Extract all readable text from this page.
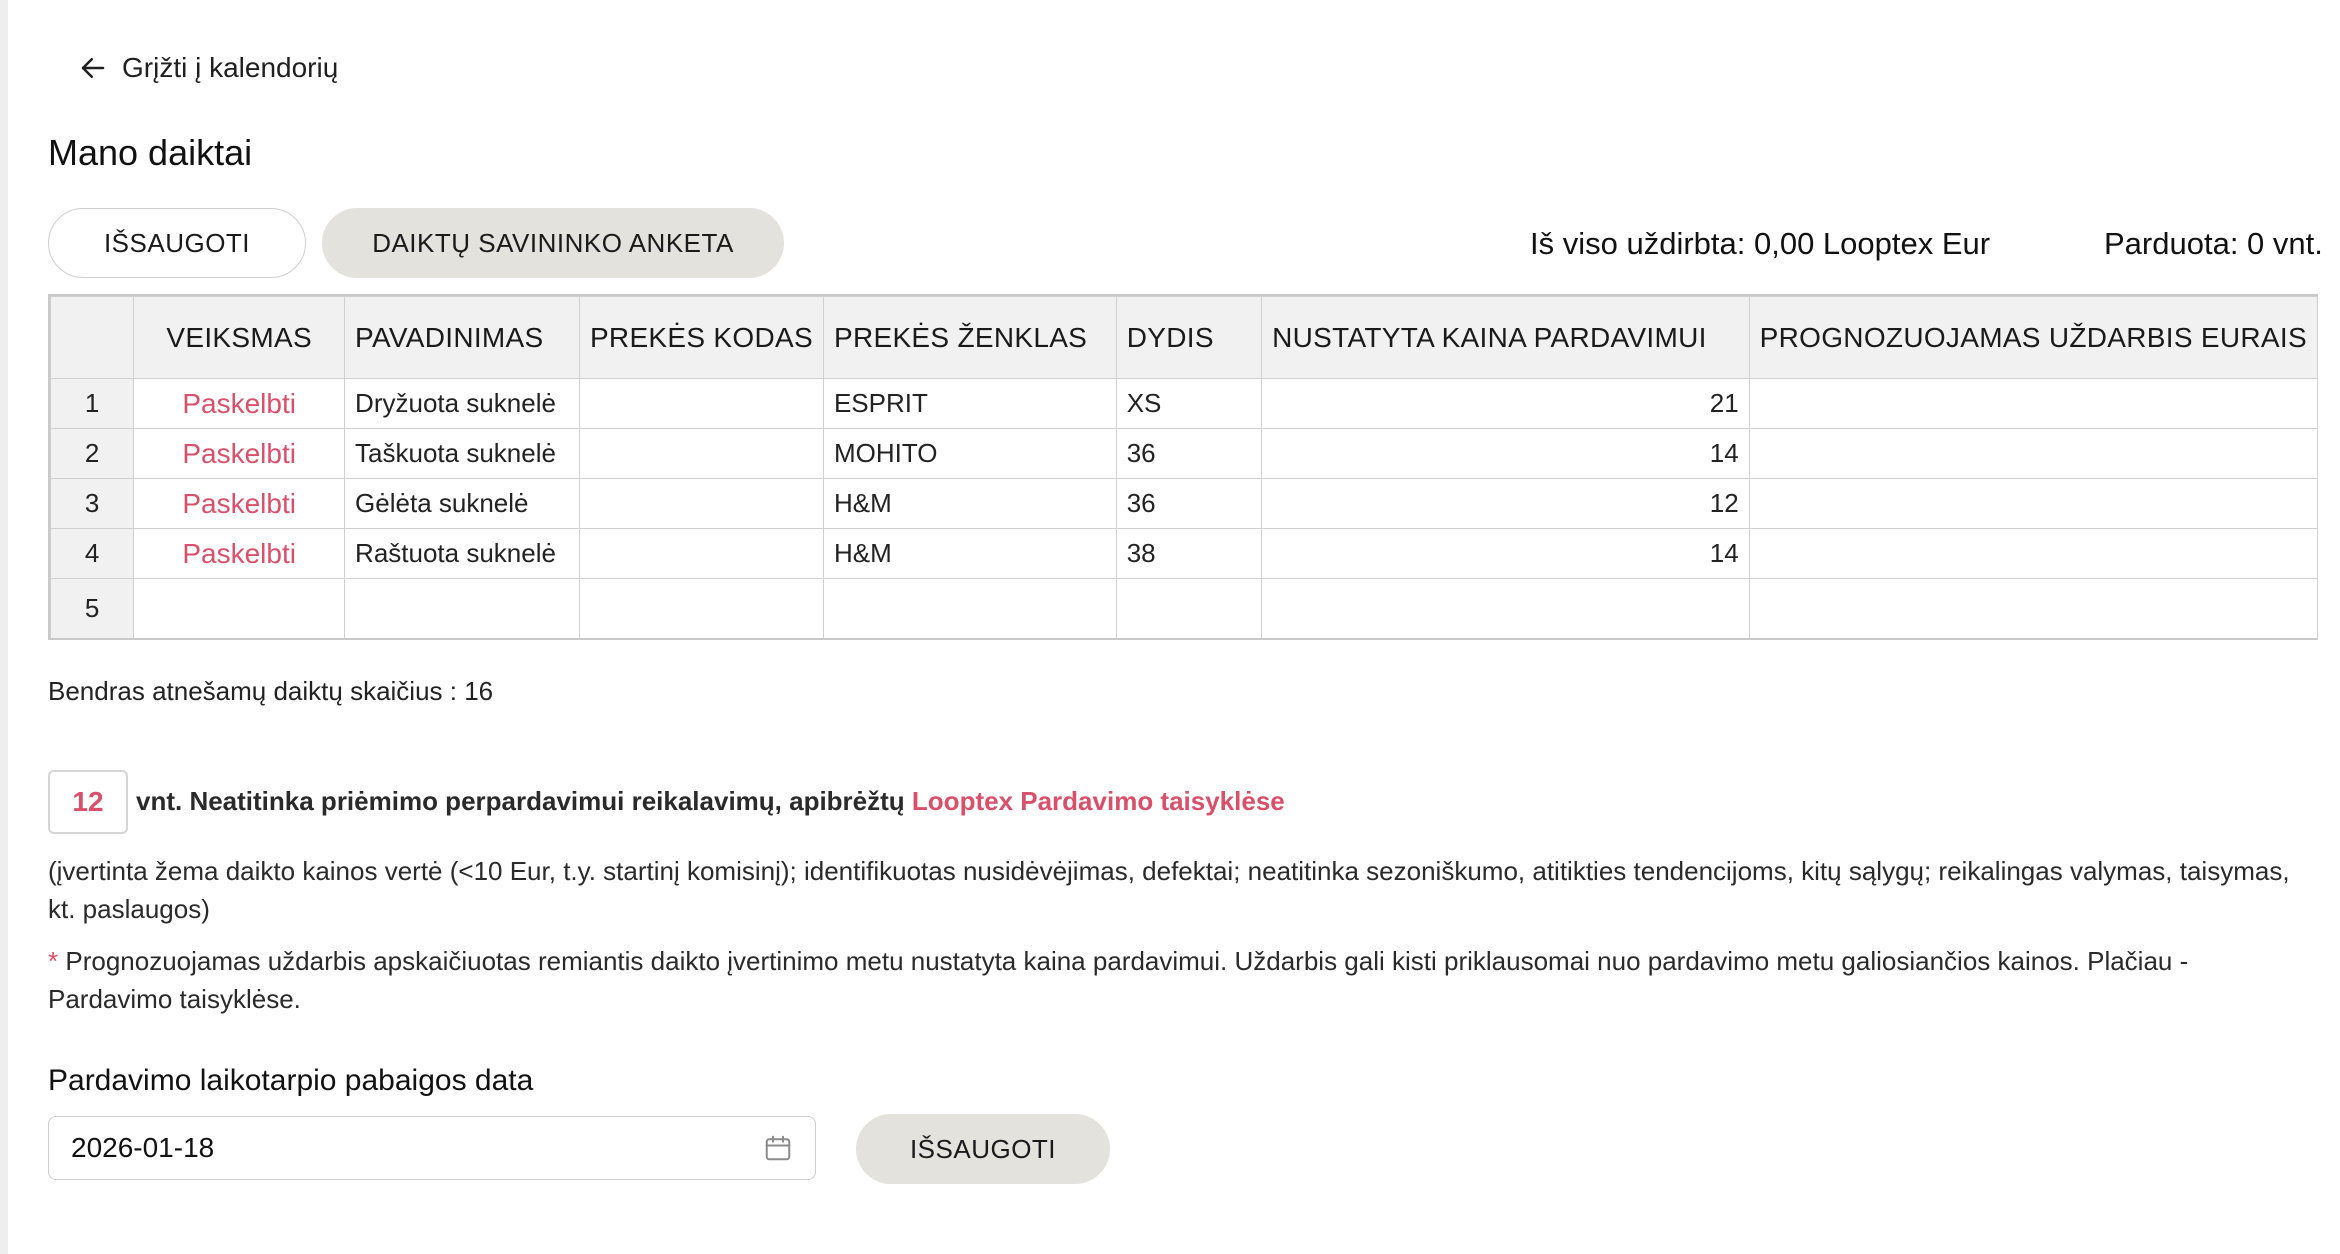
Grįžti į kalendorių
Mano daiktai
IŠSAUGOTI	DAIKTŲ SAVININKO ANKETA	Iš viso uždirbta: 0,00 Looptex Eur	Parduota: 0 vnt.
	VEIKSMAS	PAVADINIMAS	PREKĖS KODAS	PREKĖS ŽENKLAS	DYDIS	NUSTATYTA KAINA PARDAVIMUI	PROGNOZUOJAMAS UŽDARBIS EURAIS
1	Paskelbti	Dryžuota suknelė		ESPRIT	XS	21	
2	Paskelbti	Taškuota suknelė		MOHITO	36	14	
3	Paskelbti	Gėlėta suknelė		H&M	36	12	
4	Paskelbti	Raštuota suknelė		H&M	38	14	
5							
Bendras atnešamų daiktų skaičius : 16
12	vnt. Neatitinka priėmimo perpardavimui reikalavimų, apibrėžtų Looptex Pardavimo taisyklėse
(įvertinta žema daikto kainos vertė (<10 Eur, t.y. startinį komisinį); identifikuotas nusidėvėjimas, defektai; neatitinka sezoniškumo, atitikties tendencijoms, kitų sąlygų; reikalingas valymas, taisymas, kt. paslaugos)
* Prognozuojamas uždarbis apskaičiuotas remiantis daikto įvertinimo metu nustatyta kaina pardavimui. Uždarbis gali kisti priklausomai nuo pardavimo metu galiosiančios kainos. Plačiau - Pardavimo taisyklėse.
Pardavimo laikotarpio pabaigos data
2026-01-18	IŠSAUGOTI
